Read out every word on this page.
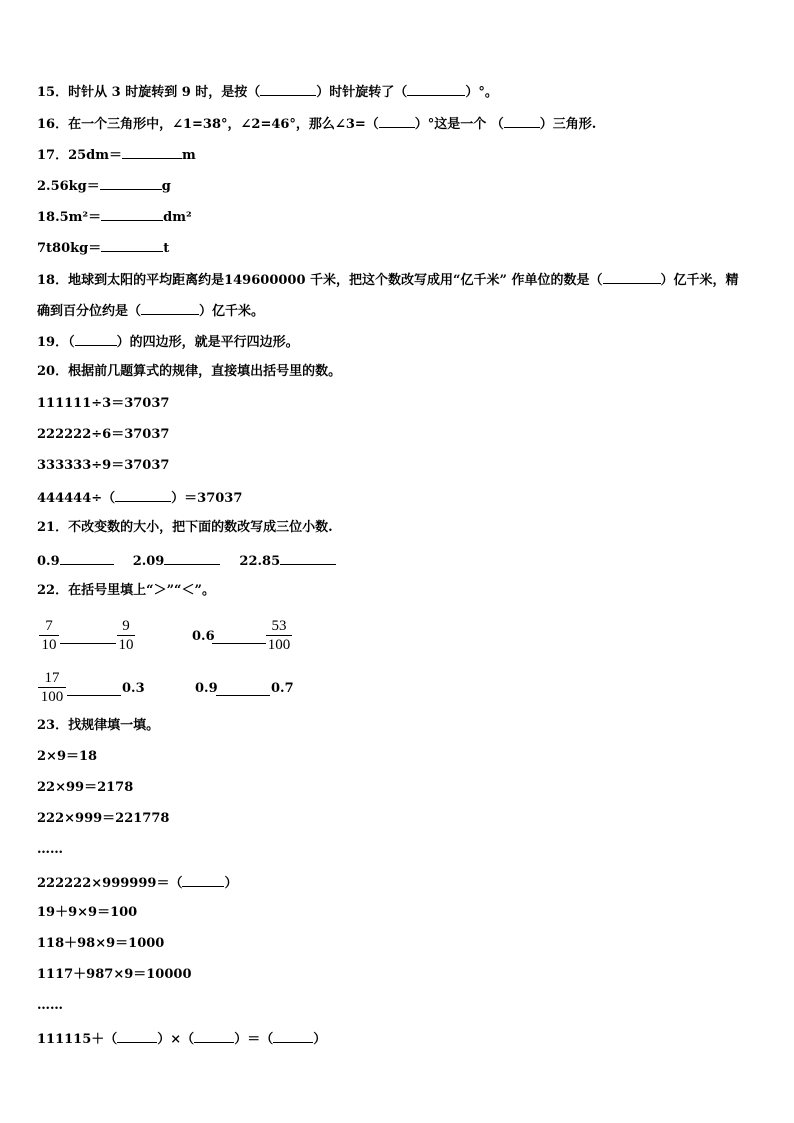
15．时针从 3 时旋转到 9 时，是按（	）时针旋转了（	）°。
16．在一个三角形中，∠1=38°，∠2=46°，那么∠3=（	）°这是一个 （	）三角形.
17．25dm＝	m
2.56kg＝	g
18.5m²＝	dm²
7t80kg＝	t
18．地球到太阳的平均距离约是149600000 千米，把这个数改写成用“亿千米” 作单位的数是（	）亿千米，精
确到百分位约是（	）亿千米。
19．（	）的四边形，就是平行四边形。
20．根据前几题算式的规律，直接填出括号里的数。
111111÷3＝37037
222222÷6＝37037
333333÷9＝37037
444444÷（	）＝37037
21．不改变数的大小，把下面的数改写成三位小数.
0.9	2.09	22.85
22．在括号里填上“＞”“＜”。
7
10
9
10
0.6
53
100
17
100
0.3	0.9	0.7
23．找规律填一填。
2×9＝18
22×99＝2178
222×999＝221778
……
222222×999999＝（	）
19＋9×9＝100
118＋98×9＝1000
1117＋987×9＝10000
……
111115＋（	）×（	）＝（	）
